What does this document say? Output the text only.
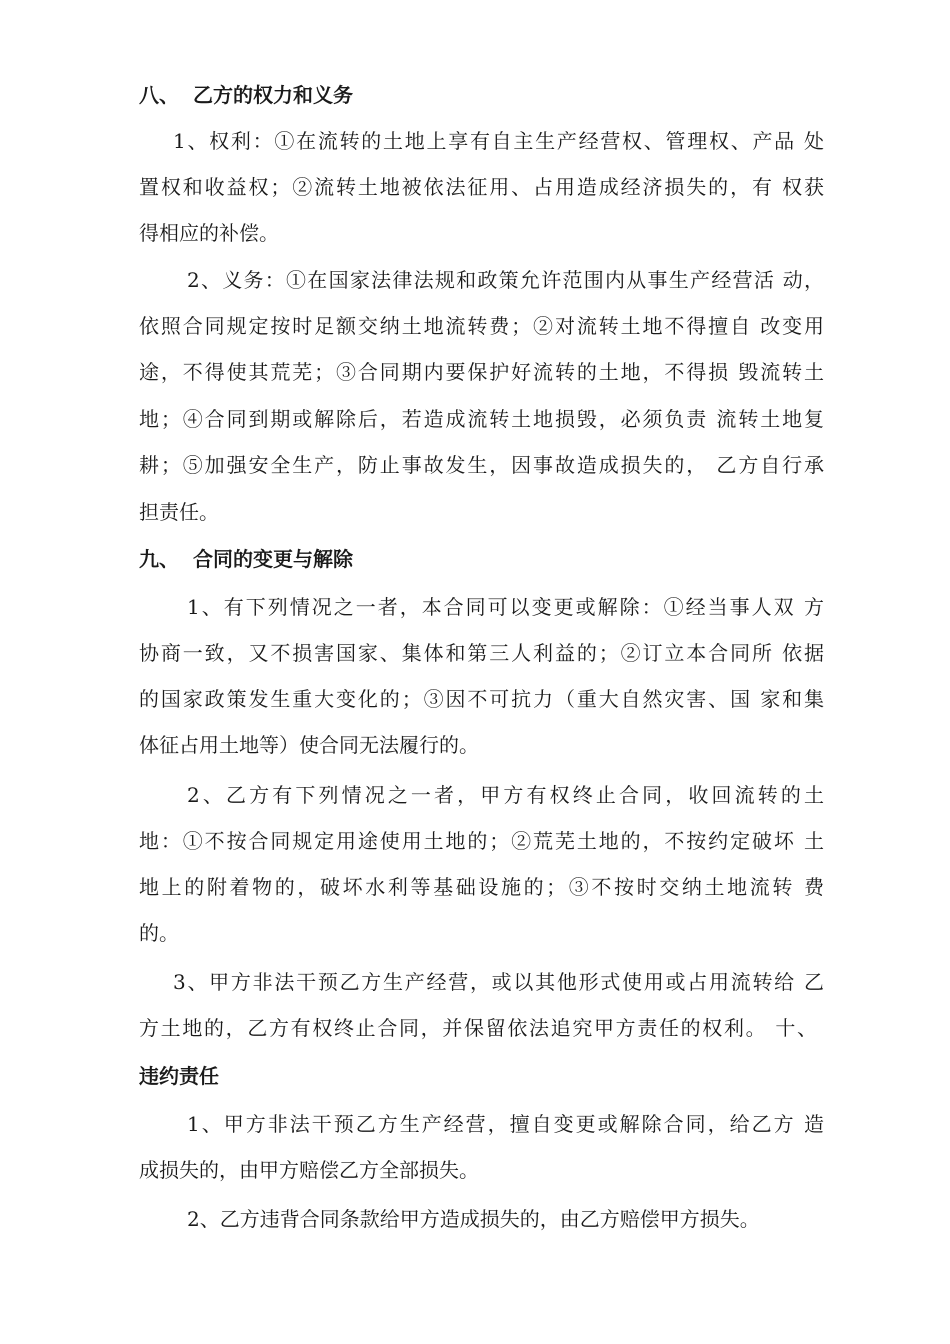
八、 乙方的权力和义务
1、权利：①在流转的土地上享有自主生产经营权、管理权、产品 处
置权和收益权；②流转土地被依法征用、占用造成经济损失的，有 权获
得相应的补偿。
2、义务：①在国家法律法规和政策允许范围内从事生产经营活 动，
依照合同规定按时足额交纳土地流转费；②对流转土地不得擅自 改变用
途，不得使其荒芜；③合同期内要保护好流转的土地，不得损 毁流转土
地；④合同到期或解除后，若造成流转土地损毁，必须负责 流转土地复
耕；⑤加强安全生产，防止事故发生，因事故造成损失的， 乙方自行承
担责任。
九、 合同的变更与解除
1、有下列情况之一者，本合同可以变更或解除：①经当事人双 方
协商一致，又不损害国家、集体和第三人利益的；②订立本合同所 依据
的国家政策发生重大变化的；③因不可抗力（重大自然灾害、国 家和集
体征占用土地等）使合同无法履行的。
2、乙方有下列情况之一者，甲方有权终止合同，收回流转的土
地：①不按合同规定用途使用土地的；②荒芜土地的，不按约定破坏 土
地上的附着物的，破坏水利等基础设施的；③不按时交纳土地流转 费
的。
3、甲方非法干预乙方生产经营，或以其他形式使用或占用流转给 乙
方土地的，乙方有权终止合同，并保留依法追究甲方责任的权利。 十、
违约责任
1、甲方非法干预乙方生产经营，擅自变更或解除合同，给乙方 造
成损失的，由甲方赔偿乙方全部损失。
2、乙方违背合同条款给甲方造成损失的，由乙方赔偿甲方损失。
